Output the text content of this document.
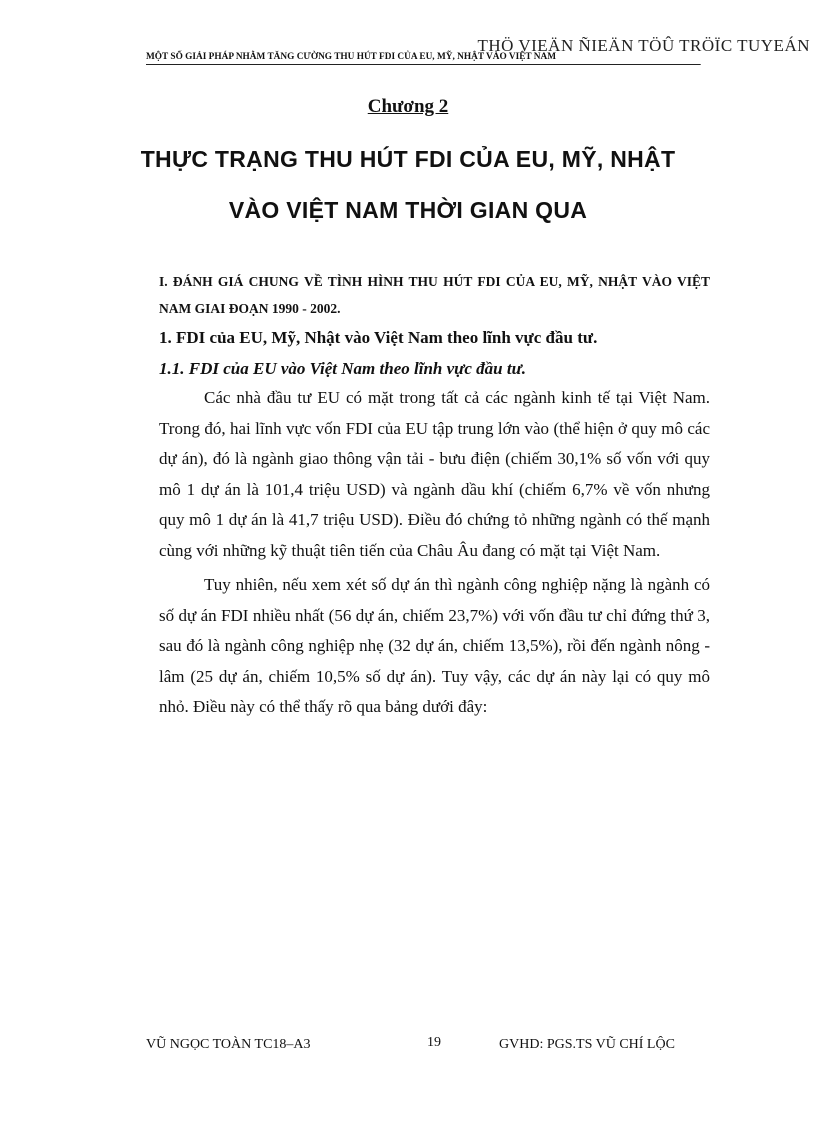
THÖ VIEÄN ÑIEÄN TÖÛ TRÖÏC TUYEÁN
MỘT SỐ GIẢI PHÁP NHẰM TĂNG CƯỜNG THU HÚT FDI CỦA EU, MỸ, NHẬT VÀO VIỆT NAM
Chương 2
THỰC TRẠNG THU HÚT FDI CỦA EU, MỸ, NHẬT
VÀO VIỆT NAM THỜI GIAN QUA
I. ĐÁNH GIÁ CHUNG VỀ TÌNH HÌNH THU HÚT FDI CỦA EU, MỸ, NHẬT VÀO VIỆT NAM GIAI ĐOẠN 1990 - 2002.
1. FDI của EU, Mỹ, Nhật vào Việt Nam theo lĩnh vực đầu tư.
1.1. FDI của EU vào Việt Nam theo lĩnh vực đầu tư.

Các nhà đầu tư EU có mặt trong tất cả các ngành kinh tế tại Việt Nam. Trong đó, hai lĩnh vực vốn FDI của EU tập trung lớn vào (thể hiện ở quy mô các dự án), đó là ngành giao thông vận tải - bưu điện (chiếm 30,1% số vốn với quy mô 1 dự án là 101,4 triệu USD) và ngành dầu khí (chiếm 6,7% về vốn nhưng quy mô 1 dự án là 41,7 triệu USD). Điều đó chứng tỏ những ngành có thế mạnh cùng với những kỹ thuật tiên tiến của Châu Âu đang có mặt tại Việt Nam.

Tuy nhiên, nếu xem xét số dự án thì ngành công nghiệp nặng là ngành có số dự án FDI nhiều nhất (56 dự án, chiếm 23,7%) với vốn đầu tư chỉ đứng thứ 3, sau đó là ngành công nghiệp nhẹ (32 dự án, chiếm 13,5%), rồi đến ngành nông - lâm (25 dự án, chiếm 10,5% số dự án). Tuy vậy, các dự án này lại có quy mô nhỏ. Điều này có thể thấy rõ qua bảng dưới đây:

VŨ NGỌC TOÀN TC18–A3	19	GVHD: PGS.TS VŨ CHÍ LỘC
